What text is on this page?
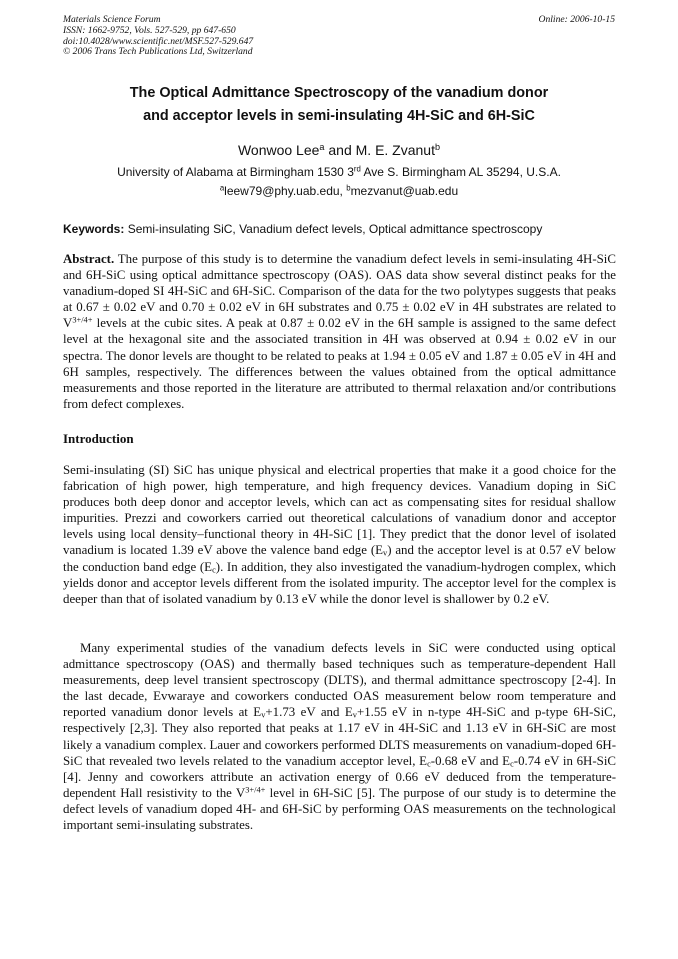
Materials Science Forum
ISSN: 1662-9752, Vols. 527-529, pp 647-650
doi:10.4028/www.scientific.net/MSF.527-529.647
© 2006 Trans Tech Publications Ltd, Switzerland
Online: 2006-10-15
The Optical Admittance Spectroscopy of the vanadium donor
and acceptor levels in semi-insulating 4H-SiC and 6H-SiC
Wonwoo Lee$^a$ and M. E. Zvanut$^b$
University of Alabama at Birmingham 1530 3rd Ave S. Birmingham AL 35294, U.S.A.
$^a$leew79@phy.uab.edu, $^b$mezvanut@uab.edu
Keywords: Semi-insulating SiC, Vanadium defect levels, Optical admittance spectroscopy
Abstract. The purpose of this study is to determine the vanadium defect levels in semi-insulating 4H-SiC and 6H-SiC using optical admittance spectroscopy (OAS). OAS data show several distinct peaks for the vanadium-doped SI 4H-SiC and 6H-SiC. Comparison of the data for the two polytypes suggests that peaks at 0.67 ± 0.02 eV and 0.70 ± 0.02 eV in 6H substrates and 0.75 ± 0.02 eV in 4H substrates are related to $V^{3+/4+}$ levels at the cubic sites. A peak at 0.87 ± 0.02 eV in the 6H sample is assigned to the same defect level at the hexagonal site and the associated transition in 4H was observed at 0.94 ± 0.02 eV in our spectra. The donor levels are thought to be related to peaks at 1.94 ± 0.05 eV and 1.87 ± 0.05 eV in 4H and 6H samples, respectively. The differences between the values obtained from the optical admittance measurements and those reported in the literature are attributed to thermal relaxation and/or contributions from defect complexes.
Introduction
Semi-insulating (SI) SiC has unique physical and electrical properties that make it a good choice for the fabrication of high power, high temperature, and high frequency devices. Vanadium doping in SiC produces both deep donor and acceptor levels, which can act as compensating sites for residual shallow impurities. Prezzi and coworkers carried out theoretical calculations of vanadium donor and acceptor levels using local density–functional theory in 4H-SiC [1]. They predict that the donor level of isolated vanadium is located 1.39 eV above the valence band edge $(E_v)$ and the acceptor level is at 0.57 eV below the conduction band edge $(E_c)$. In addition, they also investigated the vanadium-hydrogen complex, which yields donor and acceptor levels different from the isolated impurity. The acceptor level for the complex is deeper than that of isolated vanadium by 0.13 eV while the donor level is shallower by 0.2 eV.
Many experimental studies of the vanadium defects levels in SiC were conducted using optical admittance spectroscopy (OAS) and thermally based techniques such as temperature-dependent Hall measurements, deep level transient spectroscopy (DLTS), and thermal admittance spectroscopy [2-4]. In the last decade, Evwaraye and coworkers conducted OAS measurement below room temperature and reported vanadium donor levels at $E_v+1.73$ eV and $E_v+1.55$ eV in n-type 4H-SiC and p-type 6H-SiC, respectively [2,3]. They also reported that peaks at 1.17 eV in 4H-SiC and 1.13 eV in 6H-SiC are most likely a vanadium complex. Lauer and coworkers performed DLTS measurements on vanadium-doped 6H-SiC that revealed two levels related to the vanadium acceptor level, $E_c-0.68$ eV and $E_c-0.74$ eV in 6H-SiC [4]. Jenny and coworkers attribute an activation energy of 0.66 eV deduced from the temperature-dependent Hall resistivity to the $V^{3+/4+}$ level in 6H-SiC [5]. The purpose of our study is to determine the defect levels of vanadium doped 4H- and 6H-SiC by performing OAS measurements on the technological important semi-insulating substrates.
